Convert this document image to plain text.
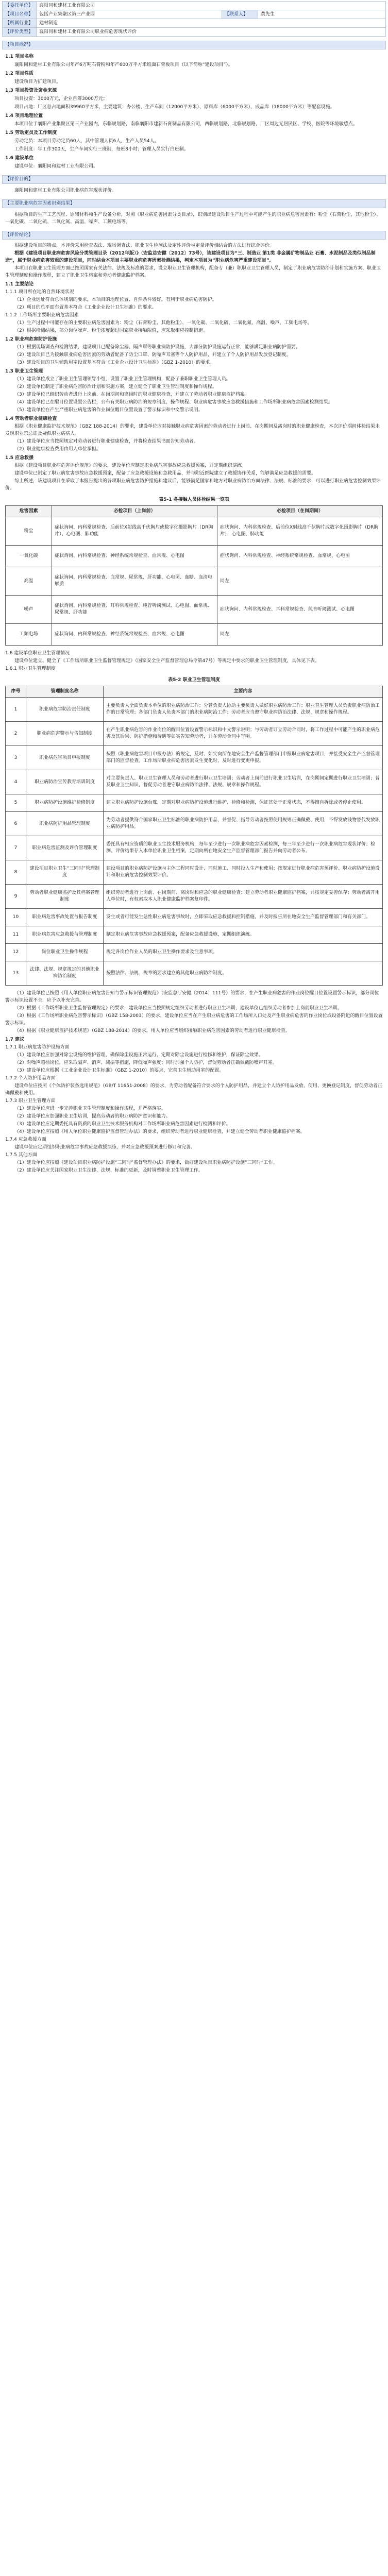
【委托单位】	襄阳同和建材工业有限公司		
【项目名称】	包括产业集聚区第三产业园	【联系人】	黄先生
【所属行业】	建材制造		
【评价类型】	襄阳同和建材工业有限公司职业病危害现状评价		
【项目概况】
1.1 项目名称

襄阳同和建材工业有限公司年产6万吨石膏粉和年产600万平方米纸面石膏板项目（以下简称“建设项目”）。

1.2 项目性质

建设项目为扩建项目。

1.3 项目投资及资金来源

项目投资：3000万元，企业自筹3000万元；

项目占地：厂区总占地面积39960平方米，主要建筑：办公楼、生产车间（12000平方米）、原料库（6000平方米）、成品库（18000平方米）等配套设施。

1.4 项目地理位置

本项目位于襄阳产业集聚区第三产业园内，东临规划路，南临襄阳市建新石膏制品有限公司，西临规划路，北临规划路，厂区周边无居民区、学校、医院等环境敏感点。

1.5 劳动定员及工作制度

劳动定员：本项目劳动定员60人，其中管理人员6人，生产人员54人。

工作制度：年工作300天，生产车间实行三班制，每班8小时；管理人员实行白班制。

1.6 建设单位

建设单位：襄阳同和建材工业有限公司。

【评价目的】

襄阳同和建材工业有限公司职业病危害现状评价。

【主要职业病危害因素识别结果】

根据项目的生产工艺流程、原辅材料和生产设备分析，对照《职业病危害因素分类目录》，识别出建设项目生产过程中可能产生的职业病危害因素有：粉尘（石膏粉尘、其他粉尘）、一氧化碳、二氧化硫、二氧化氮、高温、噪声、工频电场等。

【评价结论】

根据建设项目的特点，本评价采用检查表法、现场调查法、职业卫生检测法及定性评价与定量评价相结合的方法进行综合评价。

根据《建设项目职业病危害风险分类管理目录（2012年版）》（安监总安健〔2012〕73号），该建设项目为“三、制造业 第1类 非金属矿物制品业 石膏、水泥制品及类似制品制造”，属于职业病危害较重的建设项目，同时结合本项目主要职业病危害因素检测结果，判定本项目为“职业病危害严重建设项目”。

本项目在职业卫生管理方面已按照国家有关法律、法规及标准的要求，设立职业卫生管理机构，配备专（兼）职职业卫生管理人员，制定了职业病危害防治计划和实施方案、职业卫生管理制度和操作规程，建立了职业卫生档案和劳动者健康监护档案。

1.1 主要结论

1.1.1 项目所在地的自然环境状况

（1）企业选址符合总体规划的要求，本项目的地理位置、自然条件较好，有利于职业病危害防护。

（2）项目的总平面布置基本符合《工业企业设计卫生标准》的要求。

1.1.2 工作场所主要职业病危害因素

（1）生产过程中可能存在的主要职业病危害因素为：粉尘（石膏粉尘、其他粉尘）、一氧化碳、二氧化硫、二氧化氮、高温、噪声、工频电场等。

（2）根据检测结果，部分岗位噪声、粉尘浓度超过国家职业接触限值，应采取相应控制措施。

1.2 职业病危害防护设施

（1）根据现场调查和检测结果，建设项目已配备除尘器、隔声罩等职业病防护设施，大部分防护设施运行正常，能够满足职业病防护需要。

（2）建设项目已为接触职业病危害因素的劳动者配备了防尘口罩、防噪声耳塞等个人防护用品，并建立了个人防护用品发放登记制度。

（3）建设项目的卫生辅助用室设置基本符合《工业企业设计卫生标准》（GBZ 1-2010）的要求。

1.3 职业卫生管理

（1）建设单位成立了职业卫生管理领导小组，设置了职业卫生管理机构，配备了兼职职业卫生管理人员。

（2）建设单位制定了职业病危害防治计划和实施方案，建立健全了职业卫生管理制度和操作规程。

（3）建设单位已组织劳动者进行上岗前、在岗期间和离岗时的职业健康检查，并建立了劳动者职业健康监护档案。

（4）建设单位已在醒目位置设置公告栏，公布有关职业病防治的规章制度、操作规程、职业病危害事故应急救援措施和工作场所职业病危害因素检测结果。

（5）建设单位在产生严重职业病危害的作业岗位醒目位置设置了警示标识和中文警示说明。

1.4 劳动者职业健康检查

根据《职业健康监护技术规范》（GBZ 188-2014）的要求，建设单位应对接触职业病危害因素的劳动者进行上岗前、在岗期间及离岗时的职业健康检查，本次评价期间体检结果未发现职业禁忌证及疑似职业病病人。

（1）建设单位应当按照规定对劳动者进行职业健康检查，并将检查结果书面告知劳动者。

（2）职业健康检查费用由用人单位承担。

1.5 应急救援

根据《建设项目职业病危害评价规范》的要求，建设单位应制定职业病危害事故应急救援预案，并定期组织演练。

建设单位已制定了职业病危害事故应急救援预案，配备了应急救援设施和急救用品，并与附近医院建立了救援协作关系，能够满足应急救援的需要。

综上所述，该建设项目在采取了本报告提出的各项职业病危害防护措施和建议后，能够满足国家和地方对职业病防治方面法律、法规、标准的要求，可以进行职业病危害控制效果评价。

表5-1 各接触人员体检结果一览表
危害因素	必检项目（上岗前）	必检项目（在岗期间）
粉尘	症状询问、内科常规检查、后前位X射线高千伏胸片或数字化摄影胸片（DR胸片）、心电图、肺功能	症状询问、内科常规检查、后前位X射线高千伏胸片或数字化摄影胸片（DR胸片）、心电图、肺功能
一氧化碳	症状询问、内科常规检查、神经系统常规检查、血常规、心电图	症状询问、内科常规检查、神经系统常规检查、血常规、心电图
高温	症状询问、内科常规检查、血常规、尿常规、肝功能、心电图、血糖、血清电解质	同左
噪声	症状询问、内科常规检查、耳科常规检查、纯音听阈测试、心电图、血常规、尿常规、肝功能	症状询问、内科常规检查、耳科常规检查、纯音听阈测试、心电图
工频电场	症状询问、内科常规检查、神经系统常规检查、血常规、心电图	同左

1.6 建设单位职业卫生管理情况

建设单位建立、健全了《工作场所职业卫生监督管理规定》（国家安全生产监督管理总局令第47号）等规定中要求的职业卫生管理制度，具体见下表。

1.6.1 职业卫生管理制度

表5-2 职业卫生管理制度
序号	管理制度名称	主要内容
1	职业病危害防治责任制度	主要负责人全面负责本单位的职业病防治工作；分管负责人协助主要负责人做好职业病防治工作；职业卫生管理人员负责职业病防治工作的日常管理；各部门负责人负责本部门的职业病防治工作；劳动者应当遵守职业病防治法律、法规、规章和操作规程。
2	职业病危害警示与告知制度	在产生职业病危害的作业岗位的醒目位置设置警示标识和中文警示说明；与劳动者订立劳动合同时，将工作过程中可能产生的职业病危害及其后果、防护措施和待遇等如实告知劳动者，并在劳动合同中写明。
3	职业病危害项目申报制度	按照《职业病危害项目申报办法》的规定，及时、如实向所在地安全生产监督管理部门申报职业病危害项目，并接受安全生产监督管理部门的监督检查。工作场所职业病危害因素发生变化时，及时进行变更申报。
4	职业病防治宣传教育培训制度	对主要负责人、职业卫生管理人员和劳动者进行职业卫生培训；劳动者上岗前进行职业卫生培训，在岗期间定期进行职业卫生培训；普及职业卫生知识，督促劳动者遵守职业病防治法律、法规、规章和操作规程。
5	职业病防护设施维护检修制度	建立职业病防护设施台账，定期对职业病防护设施进行维护、检修和检测，保证其处于正常状态，不得擅自拆除或者停止使用。
6	职业病防护用品管理制度	为劳动者提供符合国家职业卫生标准的职业病防护用品，并督促、指导劳动者按照使用规则正确佩戴、使用，不得发放钱物替代发放职业病防护用品。
7	职业病危害监测及评价管理制度	委托具有相应资质的职业卫生技术服务机构，每年至少进行一次职业病危害因素检测，每三年至少进行一次职业病危害现状评价；检测、评价结果存入本单位职业卫生档案，定期向所在地安全生产监督管理部门报告并向劳动者公布。
8	建设项目职业卫生“三同时”管理制度	建设项目的职业病防护设施与主体工程同时设计、同时施工、同时投入生产和使用；按规定进行职业病危害预评价、职业病防护设施设计和职业病危害控制效果评价。
9	劳动者职业健康监护及其档案管理制度	组织劳动者进行上岗前、在岗期间、离岗时和应急的职业健康检查；建立劳动者职业健康监护档案，并按规定妥善保存；劳动者离开用人单位时，有权索取本人职业健康监护档案复印件。
10	职业病危害事故处置与报告制度	发生或者可能发生急性职业病危害事故时，立即采取应急救援和控制措施，并及时报告所在地安全生产监督管理部门和有关部门。
11	职业病危害应急救援与管理制度	制定职业病危害事故应急救援预案，配备应急救援设施，定期组织演练。
12	岗位职业卫生操作规程	规定各岗位作业人员的职业卫生操作要求及注意事项。
13	法律、法规、规章规定的其他职业病防治制度	按照法律、法规、规章的要求建立的其他职业病防治制度。

（1）建设单位已按照《用人单位职业病危害告知与警示标识管理规范》（安监总厅安健〔2014〕111号）的要求，在产生职业病危害的作业岗位醒目位置设置警示标识，部分岗位警示标识设置不全，应予以补充完善。

（2）根据《工作场所职业卫生监督管理规定》的要求，建设单位应当按照规定组织劳动者进行职业卫生培训，建设单位已组织劳动者参加上岗前职业卫生培训。

（3）根据《工作场所职业病危害警示标识》（GBZ 158-2003）的要求，建设单位应当在产生职业病危害的工作场所入口处及产生职业病危害的作业岗位或设备附近的醒目位置设置警示标识。

（4）根据《职业健康监护技术规范》（GBZ 188-2014）的要求，用人单位应当组织接触职业病危害因素的劳动者进行职业健康检查。

1.7 建议

1.7.1 职业病危害防护设施方面

（1）建设单位应加强对除尘设施的维护管理，确保除尘设施正常运行，定期对除尘设施进行检修和维护，保证除尘效果。

（2）对噪声超标岗位，应采取隔声、消声、减振等措施，降低噪声强度；同时加强个人防护，督促劳动者正确佩戴防噪声耳塞。

（3）建设单位应根据《工业企业设计卫生标准》（GBZ 1-2010）的要求，完善卫生辅助用室的配置。

1.7.2 个人防护用品方面

建设单位应按照《个体防护装备选用规范》（GB/T 11651-2008）的要求，为劳动者配备符合要求的个人防护用品，并建立个人防护用品发放、使用、更换登记制度，督促劳动者正确佩戴和使用。

1.7.3 职业卫生管理方面

（1）建设单位应进一步完善职业卫生管理制度和操作规程，并严格落实。

（2）建设单位应加强职业卫生培训，提高劳动者的职业病防护意识和能力。

（3）建设单位应定期委托具有资质的职业卫生技术服务机构对工作场所职业病危害因素进行检测和评价。

（4）建设单位应按照《用人单位职业健康监护监督管理办法》的要求，组织劳动者进行职业健康检查，并建立健全劳动者职业健康监护档案。

1.7.4 应急救援方面

建设单位应定期组织职业病危害事故应急救援演练，并对应急救援预案进行修订和完善。

1.7.5 其他方面

（1）建设单位应按照《建设项目职业病防护设施“三同时”监督管理办法》的要求，做好建设项目职业病防护设施“三同时”工作。

（2）建设单位应关注国家职业卫生法律、法规、标准的更新，及时调整职业卫生管理工作。
